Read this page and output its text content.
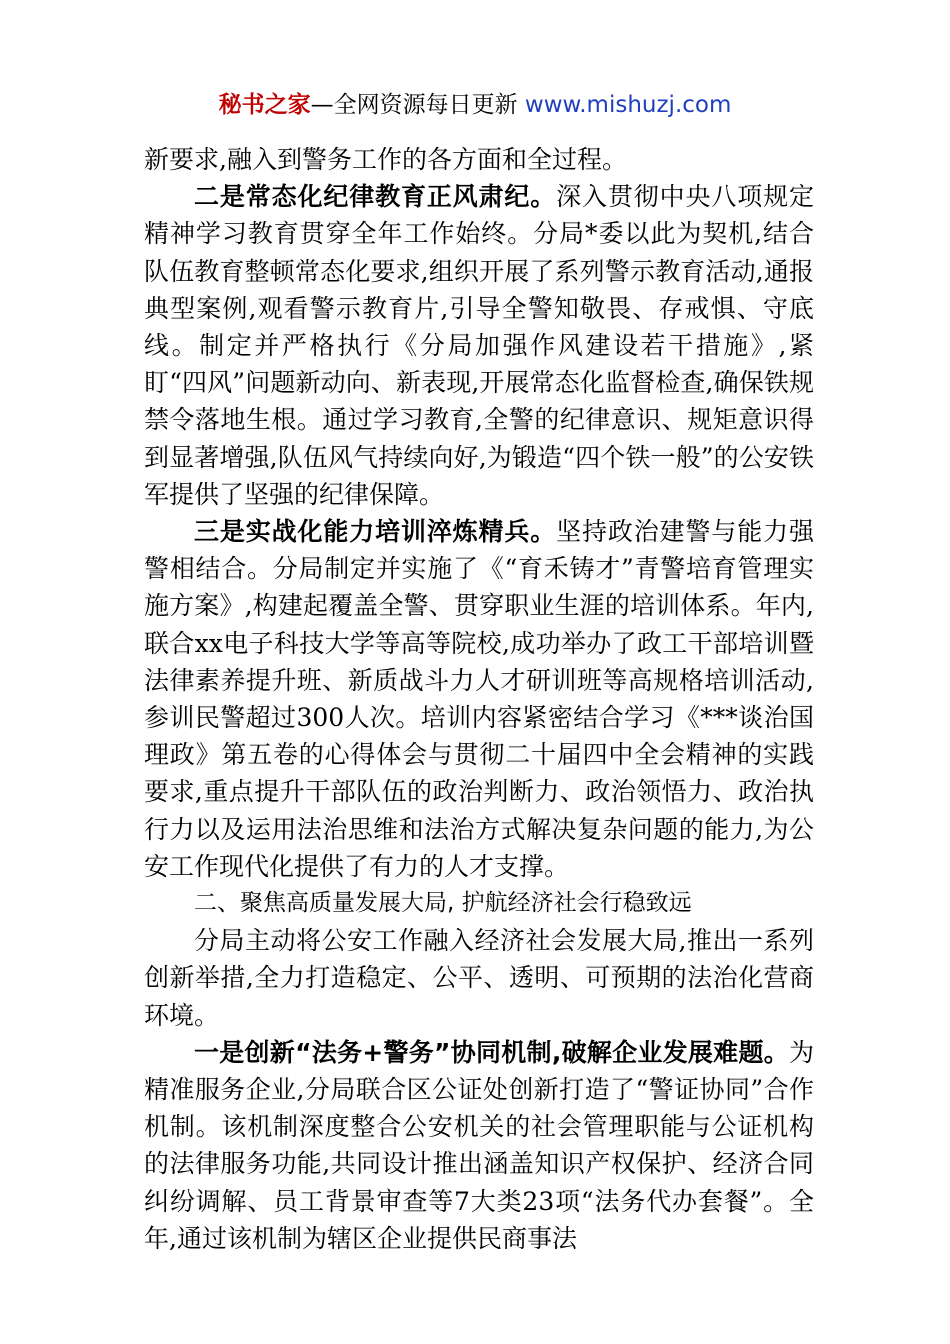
秘书之家—全网资源每日更新 www.mishuzj.com

新要求,融入到警务工作的各方面和全过程。

二是常态化纪律教育正风肃纪。深入贯彻中央八项规定精神学习教育贯穿全年工作始终。分局*委以此为契机,结合队伍教育整顿常态化要求,组织开展了系列警示教育活动,通报典型案例,观看警示教育片,引导全警知敬畏、存戒惧、守底线。制定并严格执行《分局加强作风建设若干措施》,紧盯“四风”问题新动向、新表现,开展常态化监督检查,确保铁规禁令落地生根。通过学习教育,全警的纪律意识、规矩意识得到显著增强,队伍风气持续向好,为锻造“四个铁一般”的公安铁军提供了坚强的纪律保障。

三是实战化能力培训淬炼精兵。坚持政治建警与能力强警相结合。分局制定并实施了《“育禾铸才”青警培育管理实施方案》,构建起覆盖全警、贯穿职业生涯的培训体系。年内,联合xx电子科技大学等高等院校,成功举办了政工干部培训暨法律素养提升班、新质战斗力人才研训班等高规格培训活动,参训民警超过300人次。培训内容紧密结合学习《***谈治国理政》第五卷的心得体会与贯彻二十届四中全会精神的实践要求,重点提升干部队伍的政治判断力、政治领悟力、政治执行力以及运用法治思维和法治方式解决复杂问题的能力,为公安工作现代化提供了有力的人才支撑。

二、聚焦高质量发展大局, 护航经济社会行稳致远

分局主动将公安工作融入经济社会发展大局,推出一系列创新举措,全力打造稳定、公平、透明、可预期的法治化营商环境。

一是创新“法务+警务”协同机制,破解企业发展难题。为精准服务企业,分局联合区公证处创新打造了“警证协同”合作机制。该机制深度整合公安机关的社会管理职能与公证机构的法律服务功能,共同设计推出涵盖知识产权保护、经济合同纠纷调解、员工背景审查等7大类23项“法务代办套餐”。全年,通过该机制为辖区企业提供民商事法
